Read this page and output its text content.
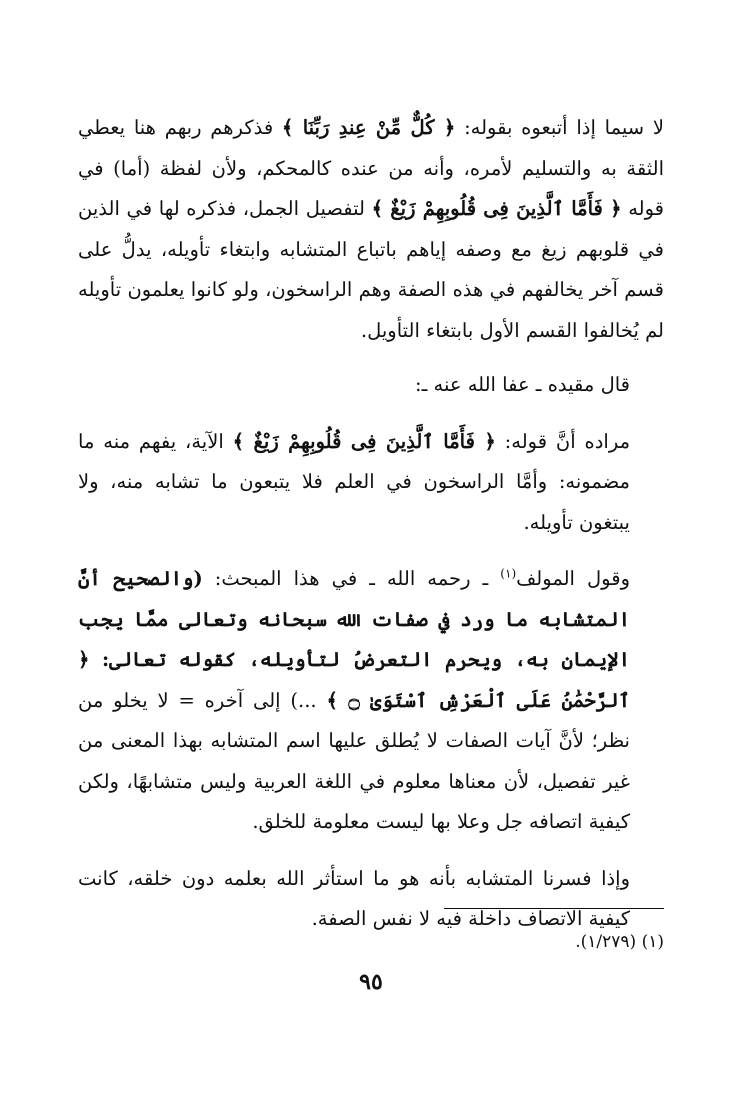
لا سيما إذا أتبعوه بقوله: ﴿ كُلٌّ مِّنْ عِندِ رَبِّنَا ﴾ فذكرهم ربهم هنا يعطي الثقة به والتسليم لأمره، وأنه من عنده كالمحكم، ولأن لفظة (أما) في قوله ﴿ فَأَمَّا ٱلَّذِينَ فِى قُلُوبِهِمْ زَيْغٌ ﴾ لتفصيل الجمل، فذكره لها في الذين في قلوبهم زيغ مع وصفه إياهم باتباع المتشابه وابتغاء تأويله، يدلُّ على قسم آخر يخالفهم في هذه الصفة وهم الراسخون، ولو كانوا يعلمون تأويله لم يُخالفوا القسم الأول بابتغاء التأويل.

قال مقيده ـ عفا الله عنه ـ:

مراده أنَّ قوله: ﴿ فَأَمَّا ٱلَّذِينَ فِى قُلُوبِهِمْ زَيْغٌ ﴾ الآية، يفهم منه ما مضمونه: وأمَّا الراسخون في العلم فلا يتبعون ما تشابه منه، ولا يبتغون تأويله.

وقول المولف$^{(١)}$ ـ رحمه الله ـ في هذا المبحث: (والصحيح أنَّ المتشابه ما ورد في صفات الله سبحانه وتعالى ممَّا يجب الإيمان به، ويحرم التعرضُ لتأويله، كقوله تعالى: ﴿ ٱلرَّحْمَٰنُ عَلَى ٱلْعَرْشِ ٱسْتَوَىٰ ۝ ﴾ ...) إلى آخره = لا يخلو من نظر؛ لأنَّ آيات الصفات لا يُطلق عليها اسم المتشابه بهذا المعنى من غير تفصيل، لأن معناها معلوم في اللغة العربية وليس متشابهًا، ولكن كيفية اتصافه جل وعلا بها ليست معلومة للخلق.

وإذا فسرنا المتشابه بأنه هو ما استأثر الله بعلمه دون خلقه، كانت كيفية الاتصاف داخلة فيه لا نفس الصفة.

(١) (١/٢٧٩).

٩٥
